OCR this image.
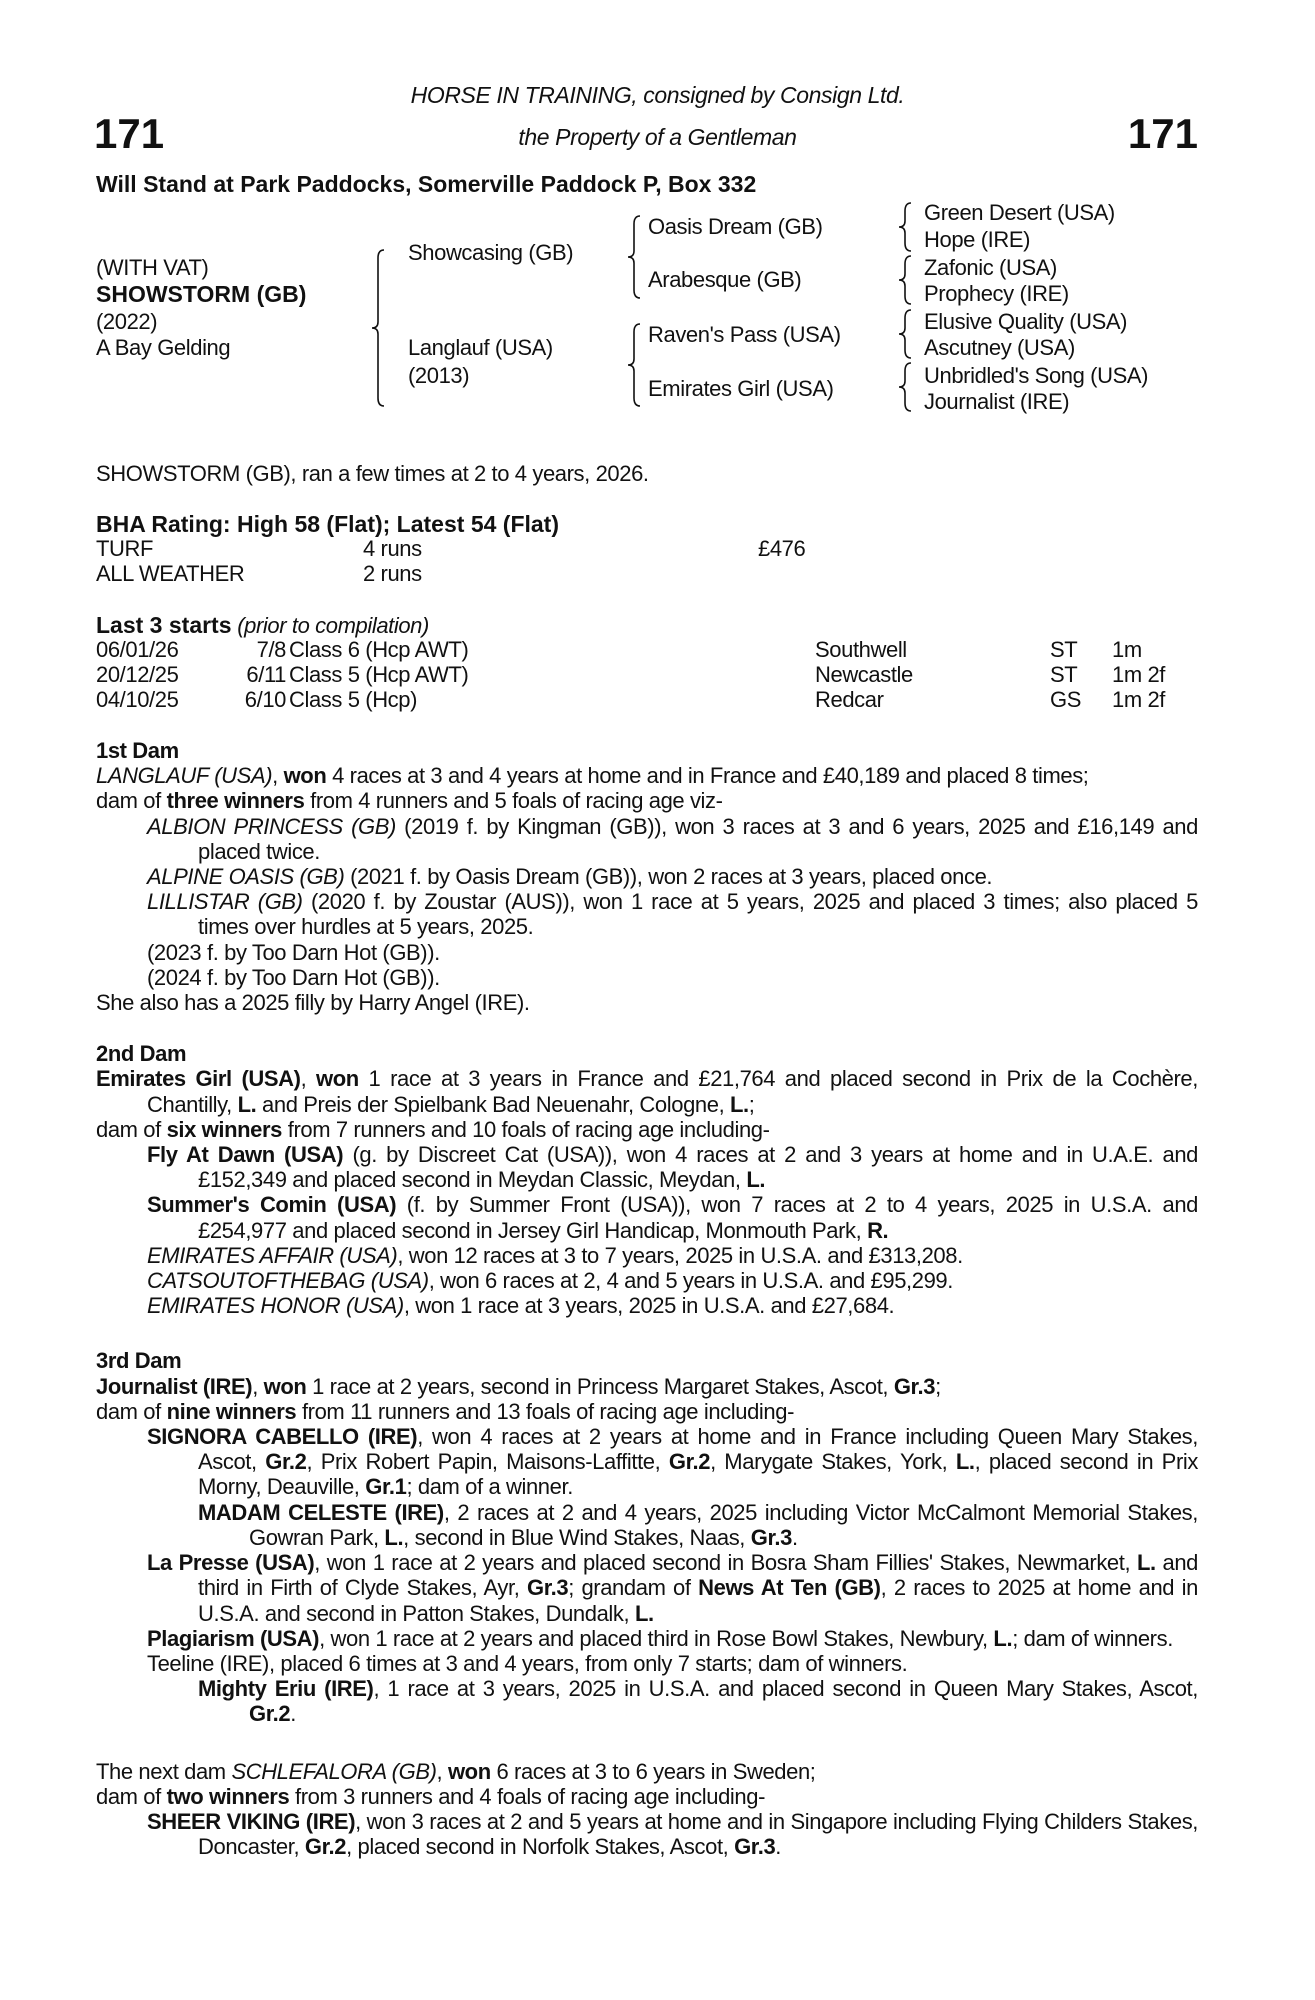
HORSE IN TRAINING, consigned by Consign Ltd.
the Property of a Gentleman
171	171
Will Stand at Park Paddocks, Somerville Paddock P, Box 332
(WITH VAT)
SHOWSTORM (GB)
(2022)
A Bay Gelding
Showcasing (GB)
Langlauf (USA)
(2013)
Oasis Dream (GB)
Arabesque (GB)
Raven's Pass (USA)
Emirates Girl (USA)
Green Desert (USA)
Hope (IRE)
Zafonic (USA)
Prophecy (IRE)
Elusive Quality (USA)
Ascutney (USA)
Unbridled's Song (USA)
Journalist (IRE)
SHOWSTORM (GB), ran a few times at 2 to 4 years, 2026.
BHA Rating: High 58 (Flat); Latest 54 (Flat)
TURF	4 runs	£476
ALL WEATHER	2 runs
Last 3 starts (prior to compilation)
06/01/26	7/8 Class 6 (Hcp AWT)	Southwell	ST 1m
20/12/25	6/11 Class 5 (Hcp AWT)	Newcastle	ST 1m 2f
04/10/25	6/10 Class 5 (Hcp)	Redcar	GS 1m 2f
1st Dam
LANGLAUF (USA), won 4 races at 3 and 4 years at home and in France and £40,189 and placed 8 times;
dam of three winners from 4 runners and 5 foals of racing age viz-
ALBION PRINCESS (GB) (2019 f. by Kingman (GB)), won 3 races at 3 and 6 years, 2025 and £16,149 and placed twice.
ALPINE OASIS (GB) (2021 f. by Oasis Dream (GB)), won 2 races at 3 years, placed once.
LILLISTAR (GB) (2020 f. by Zoustar (AUS)), won 1 race at 5 years, 2025 and placed 3 times; also placed 5 times over hurdles at 5 years, 2025.
(2023 f. by Too Darn Hot (GB)).
(2024 f. by Too Darn Hot (GB)).
She also has a 2025 filly by Harry Angel (IRE).
2nd Dam
Emirates Girl (USA), won 1 race at 3 years in France and £21,764 and placed second in Prix de la Cochère, Chantilly, L. and Preis der Spielbank Bad Neuenahr, Cologne, L.;
dam of six winners from 7 runners and 10 foals of racing age including-
Fly At Dawn (USA) (g. by Discreet Cat (USA)), won 4 races at 2 and 3 years at home and in U.A.E. and £152,349 and placed second in Meydan Classic, Meydan, L.
Summer's Comin (USA) (f. by Summer Front (USA)), won 7 races at 2 to 4 years, 2025 in U.S.A. and £254,977 and placed second in Jersey Girl Handicap, Monmouth Park, R.
EMIRATES AFFAIR (USA), won 12 races at 3 to 7 years, 2025 in U.S.A. and £313,208.
CATSOUTOFTHEBAG (USA), won 6 races at 2, 4 and 5 years in U.S.A. and £95,299.
EMIRATES HONOR (USA), won 1 race at 3 years, 2025 in U.S.A. and £27,684.
3rd Dam
Journalist (IRE), won 1 race at 2 years, second in Princess Margaret Stakes, Ascot, Gr.3;
dam of nine winners from 11 runners and 13 foals of racing age including-
SIGNORA CABELLO (IRE), won 4 races at 2 years at home and in France including Queen Mary Stakes, Ascot, Gr.2, Prix Robert Papin, Maisons-Laffitte, Gr.2, Marygate Stakes, York, L., placed second in Prix Morny, Deauville, Gr.1; dam of a winner.
MADAM CELESTE (IRE), 2 races at 2 and 4 years, 2025 including Victor McCalmont Memorial Stakes, Gowran Park, L., second in Blue Wind Stakes, Naas, Gr.3.
La Presse (USA), won 1 race at 2 years and placed second in Bosra Sham Fillies' Stakes, Newmarket, L. and third in Firth of Clyde Stakes, Ayr, Gr.3; grandam of News At Ten (GB), 2 races to 2025 at home and in U.S.A. and second in Patton Stakes, Dundalk, L.
Plagiarism (USA), won 1 race at 2 years and placed third in Rose Bowl Stakes, Newbury, L.; dam of winners.
Teeline (IRE), placed 6 times at 3 and 4 years, from only 7 starts; dam of winners.
Mighty Eriu (IRE), 1 race at 3 years, 2025 in U.S.A. and placed second in Queen Mary Stakes, Ascot, Gr.2.
The next dam SCHLEFALORA (GB), won 6 races at 3 to 6 years in Sweden;
dam of two winners from 3 runners and 4 foals of racing age including-
SHEER VIKING (IRE), won 3 races at 2 and 5 years at home and in Singapore including Flying Childers Stakes, Doncaster, Gr.2, placed second in Norfolk Stakes, Ascot, Gr.3.
